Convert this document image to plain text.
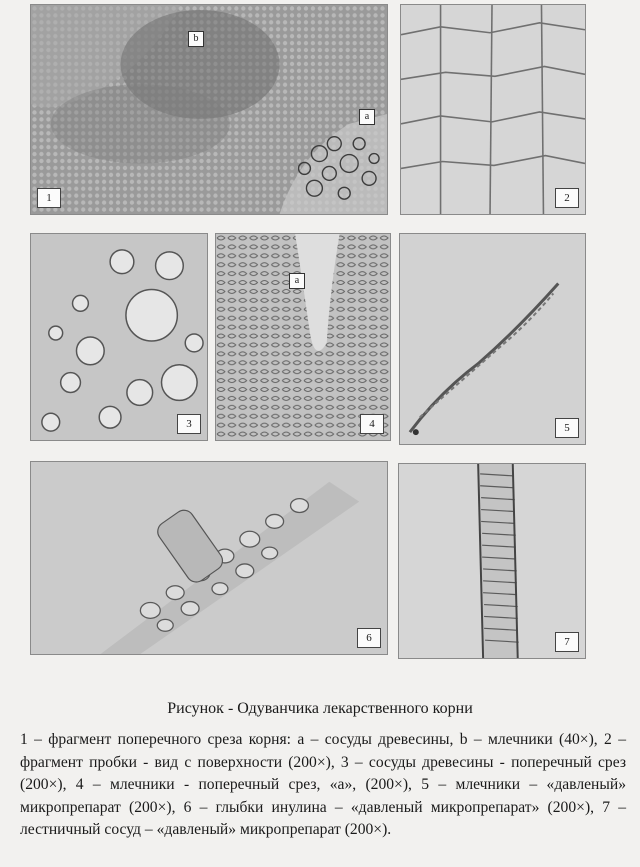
b
a
1	2
3
a
4	5
6	7
Рисунок - Одуванчика лекарственного корни
1 – фрагмент поперечного среза корня: a – сосуды древесины, b – млечники (40×), 2 – фрагмент пробки - вид с поверхности (200×), 3 – сосуды древесины - поперечный срез (200×), 4 – млечники - поперечный срез, «а», (200×), 5 – млечники – «давленый» микропрепарат (200×), 6 – глыбки инулина – «давленый микропрепарат» (200×), 7 – лестничный сосуд – «давленый» микропрепарат (200×).
